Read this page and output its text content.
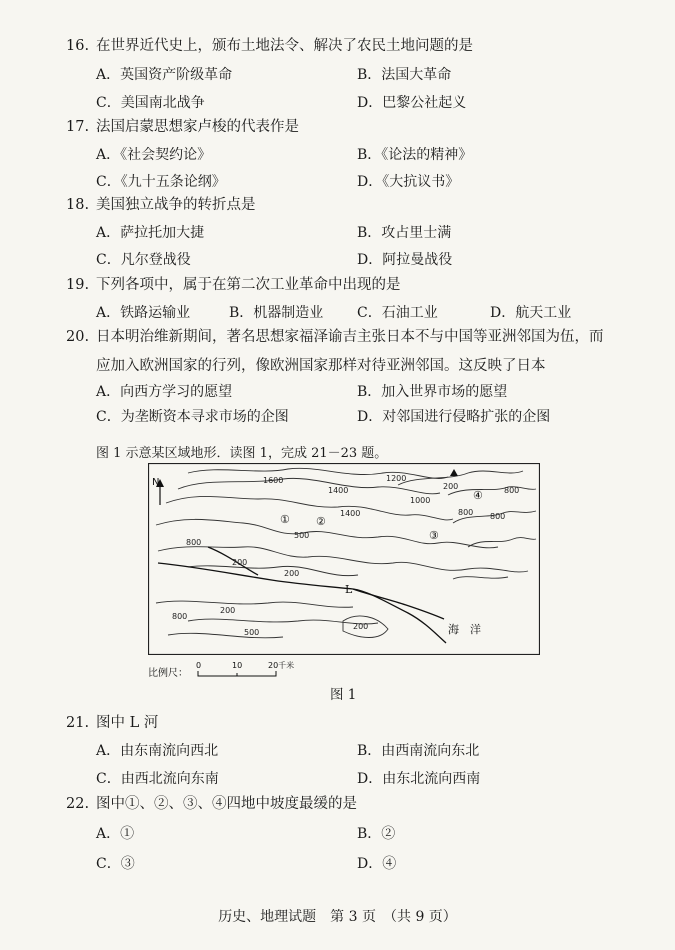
16. 在世界近代史上，颁布土地法令、解决了农民土地问题的是
A．英国资产阶级革命	B．法国大革命
C．美国南北战争	D．巴黎公社起义
17. 法国启蒙思想家卢梭的代表作是
A．《社会契约论》	B．《论法的精神》
C．《九十五条论纲》	D．《大抗议书》
18. 美国独立战争的转折点是
A．萨拉托加大捷	B．攻占里士满
C．凡尔登战役	D．阿拉曼战役
19. 下列各项中，属于在第二次工业革命中出现的是
A．铁路运输业	B．机器制造业 C．石油工业	D．航天工业
20. 日本明治维新期间，著名思想家福泽谕吉主张日本不与中国等亚洲邻国为伍，而
应加入欧洲国家的行列，像欧洲国家那样对待亚洲邻国。这反映了日本
A．向西方学习的愿望	B．加入世界市场的愿望
C．为垄断资本寻求市场的企图	D．对邻国进行侵略扩张的企图
图 1 示意某区域地形．读图 1，完成 21－23 题。
1600
1400
1400
1200
1000
500
800
200
200
200
800
800
200
500
800
200
800
N
① ②
③
④
L
海　洋
比例尺：
0	10	20千米
图 1
21. 图中 L 河
A．由东南流向西北	B．由西南流向东北
C．由西北流向东南	D．由东北流向西南
22. 图中①、②、③、④四地中坡度最缓的是
A．①	B．②
C．③	D．④
历史、地理试题　第 3 页　（共 9 页）
